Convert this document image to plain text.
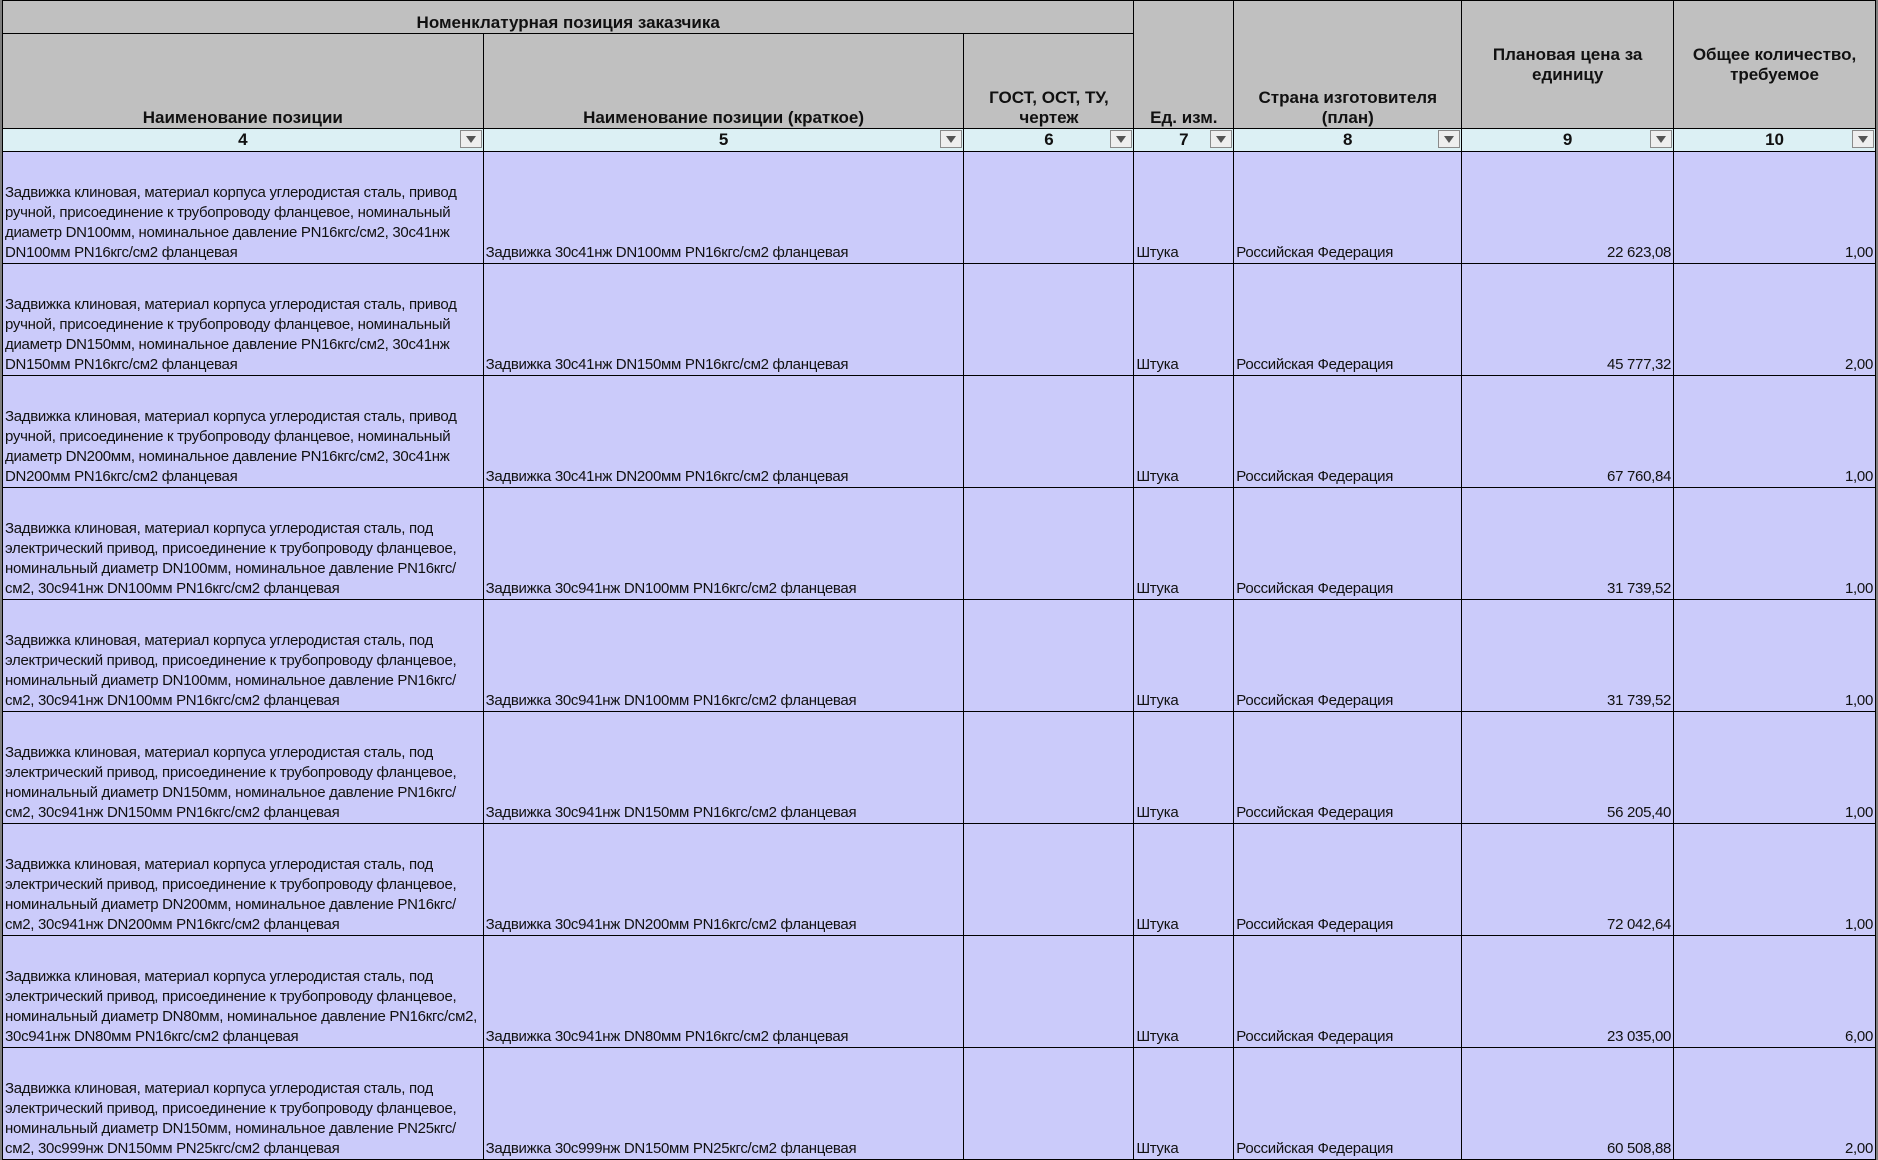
Номенклатурная позиция заказчика			Ед. изм.	Страна изготовителя (план)	Плановая цена за единицу	Общее количество, требуемое
Наименование позиции	Наименование позиции (краткое)	ГОСТ, ОСТ, ТУ, чертеж				
4	5	6	7	8	9	10

Задвижка клиновая, материал корпуса углеродистая сталь, привод ручной, присоединение к трубопроводу фланцевое, номинальный диаметр DN100мм, номинальное давление PN16кгс/см2, 30с41нж DN100мм PN16кгс/см2 фланцевая	Задвижка 30с41нж DN100мм PN16кгс/см2 фланцевая		Штука	Российская Федерация	22 623,08	1,00
Задвижка клиновая, материал корпуса углеродистая сталь, привод ручной, присоединение к трубопроводу фланцевое, номинальный диаметр DN150мм, номинальное давление PN16кгс/см2, 30с41нж DN150мм PN16кгс/см2 фланцевая	Задвижка 30с41нж DN150мм PN16кгс/см2 фланцевая		Штука	Российская Федерация	45 777,32	2,00
Задвижка клиновая, материал корпуса углеродистая сталь, привод ручной, присоединение к трубопроводу фланцевое, номинальный диаметр DN200мм, номинальное давление PN16кгс/см2, 30с41нж DN200мм PN16кгс/см2 фланцевая	Задвижка 30с41нж DN200мм PN16кгс/см2 фланцевая		Штука	Российская Федерация	67 760,84	1,00
Задвижка клиновая, материал корпуса углеродистая сталь, под электрический привод, присоединение к трубопроводу фланцевое, номинальный диаметр DN100мм, номинальное давление PN16кгс/см2, 30с941нж DN100мм PN16кгс/см2 фланцевая	Задвижка 30с941нж DN100мм PN16кгс/см2 фланцевая		Штука	Российская Федерация	31 739,52	1,00
Задвижка клиновая, материал корпуса углеродистая сталь, под электрический привод, присоединение к трубопроводу фланцевое, номинальный диаметр DN100мм, номинальное давление PN16кгс/см2, 30с941нж DN100мм PN16кгс/см2 фланцевая	Задвижка 30с941нж DN100мм PN16кгс/см2 фланцевая		Штука	Российская Федерация	31 739,52	1,00
Задвижка клиновая, материал корпуса углеродистая сталь, под электрический привод, присоединение к трубопроводу фланцевое, номинальный диаметр DN150мм, номинальное давление PN16кгс/см2, 30с941нж DN150мм PN16кгс/см2 фланцевая	Задвижка 30с941нж DN150мм PN16кгс/см2 фланцевая		Штука	Российская Федерация	56 205,40	1,00
Задвижка клиновая, материал корпуса углеродистая сталь, под электрический привод, присоединение к трубопроводу фланцевое, номинальный диаметр DN200мм, номинальное давление PN16кгс/см2, 30с941нж DN200мм PN16кгс/см2 фланцевая	Задвижка 30с941нж DN200мм PN16кгс/см2 фланцевая		Штука	Российская Федерация	72 042,64	1,00
Задвижка клиновая, материал корпуса углеродистая сталь, под электрический привод, присоединение к трубопроводу фланцевое, номинальный диаметр DN80мм, номинальное давление PN16кгс/см2, 30с941нж DN80мм PN16кгс/см2 фланцевая	Задвижка 30с941нж DN80мм PN16кгс/см2 фланцевая		Штука	Российская Федерация	23 035,00	6,00
Задвижка клиновая, материал корпуса углеродистая сталь, под электрический привод, присоединение к трубопроводу фланцевое, номинальный диаметр DN150мм, номинальное давление PN25кгс/см2, 30с999нж DN150мм PN25кгс/см2 фланцевая	Задвижка 30с999нж DN150мм PN25кгс/см2 фланцевая		Штука	Российская Федерация	60 508,88	2,00
